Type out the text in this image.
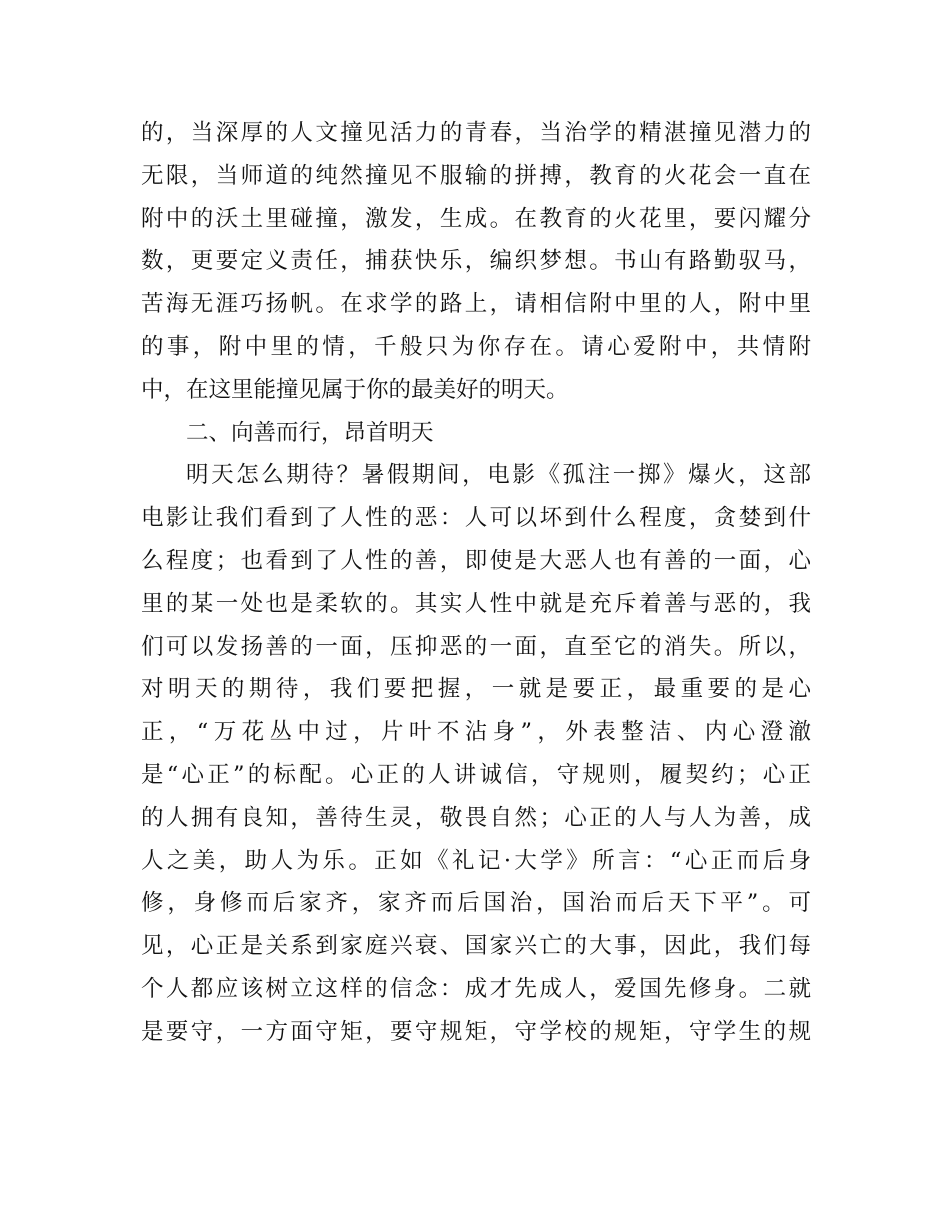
的，当深厚的人文撞见活力的青春，当治学的精湛撞见潜力的
无限，当师道的纯然撞见不服输的拼搏，教育的火花会一直在
附中的沃土里碰撞，激发，生成。在教育的火花里，要闪耀分
数，更要定义责任，捕获快乐，编织梦想。书山有路勤驭马，
苦海无涯巧扬帆。在求学的路上，请相信附中里的人，附中里
的事，附中里的情，千般只为你存在。请心爱附中，共情附
中，在这里能撞见属于你的最美好的明天。
二、向善而行，昂首明天
明天怎么期待？暑假期间，电影《孤注一掷》爆火，这部
电影让我们看到了人性的恶：人可以坏到什么程度，贪婪到什
么程度；也看到了人性的善，即使是大恶人也有善的一面，心
里的某一处也是柔软的。其实人性中就是充斥着善与恶的，我
们可以发扬善的一面，压抑恶的一面，直至它的消失。所以，
对明天的期待，我们要把握，一就是要正，最重要的是心
正，“万花丛中过，片叶不沾身”，外表整洁、内心澄澈
是“心正”的标配。心正的人讲诚信，守规则，履契约；心正
的人拥有良知，善待生灵，敬畏自然；心正的人与人为善，成
人之美，助人为乐。正如《礼记·大学》所言：“心正而后身
修，身修而后家齐，家齐而后国治，国治而后天下平”。可
见，心正是关系到家庭兴衰、国家兴亡的大事，因此，我们每
个人都应该树立这样的信念：成才先成人，爱国先修身。二就
是要守，一方面守矩，要守规矩，守学校的规矩，守学生的规
